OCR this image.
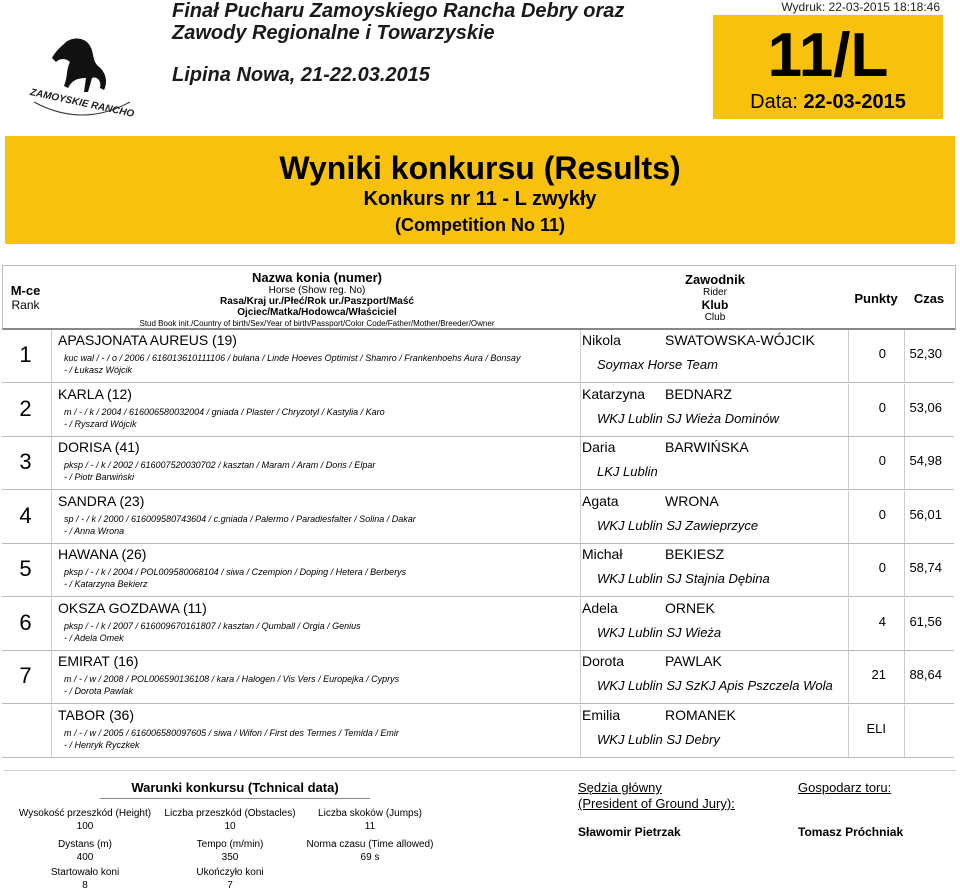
ZAMOYSKIE RANCHO
Finał Pucharu Zamoyskiego Rancha Debry oraz
Zawody Regionalne i Towarzyskie
Lipina Nowa, 21-22.03.2015
Wydruk: 22-03-2015 18:18:46
11/L
Data: 22-03-2015
Wyniki konkursu (Results)
Konkurs nr 11 - L zwykły
(Competition No 11)
M-ce
Rank
Nazwa konia (numer)
Horse (Show reg. No)
Rasa/Kraj ur./Płeć/Rok ur./Paszport/Maść
Ojciec/Matka/Hodowca/Właściciel
Stud Book init./Country of birth/Sex/Year of birth/Passport/Color Code/Father/Mother/Breeder/Owner
Zawodnik
Rider
Klub
Club
Punkty	Czas
1
APASJONATA AUREUS (19)
kuc wal / - / o / 2006 / 616013610111106 / bułana / Linde Hoeves Optimist / Shamro / Frankenhoehs Aura / Bonsay
- / Łukasz Wójcik
Nikola	SWATOWSKA-WÓJCIK
Soymax Horse Team
0	52,30
2
KARLA (12)
m / - / k / 2004 / 616006580032004 / gniada / Plaster / Chryzotyl / Kastylia / Karo
- / Ryszard Wójcik
Katarzyna BEDNARZ
WKJ Lublin SJ Wieża Dominów
0	53,06
3
DORISA (41)
pksp / - / k / 2002 / 616007520030702 / kasztan / Maram / Aram / Doris / Elpar
- / Piotr Barwiński
Daria	BARWIŃSKA
LKJ Lublin
0	54,98
4
SANDRA (23)
sp / - / k / 2000 / 616009580743604 / c.gniada / Palermo / Paradiesfalter / Solina / Dakar
- / Anna Wrona
Agata	WRONA
WKJ Lublin SJ Zawieprzyce
0	56,01
5
HAWANA (26)
pksp / - / k / 2004 / POL009580068104 / siwa / Czempion / Doping / Hetera / Berberys
- / Katarzyna Bekierz
Michał	BEKIESZ
WKJ Lublin SJ Stajnia Dębina
0	58,74
6
OKSZA GOZDAWA (11)
pksp / - / k / 2007 / 616009670161807 / kasztan / Qumball / Orgia / Genius
- / Adela Omek
Adela	ORNEK
WKJ Lublin SJ Wieża
4	61,56
7
EMIRAT (16)
m / - / w / 2008 / POL006590136108 / kara / Halogen / Vis Vers / Europejka / Cyprys
- / Dorota Pawlak
Dorota	PAWLAK
WKJ Lublin SJ SzKJ Apis Pszczela Wola
21	88,64
TABOR (36)
m / - / w / 2005 / 616006580097605 / siwa / Wifon / First des Termes / Temida / Emir
- / Henryk Ryczkek
Emilia	ROMANEK
WKJ Lublin SJ Debry
ELI
Warunki konkursu (Tchnical data)
Wysokość przeszkód (Height)
100
Liczba przeszkód (Obstacles)
10
Liczba skoków (Jumps)
11
Dystans (m)
400
Tempo (m/min)
350
Norma czasu (Time allowed)
69 s
Startowało koni
8
Ukończyło koni
7
Sędzia główny
(President of Ground Jury):
Sławomir Pietrzak
Gospodarz toru:
Tomasz Próchniak
